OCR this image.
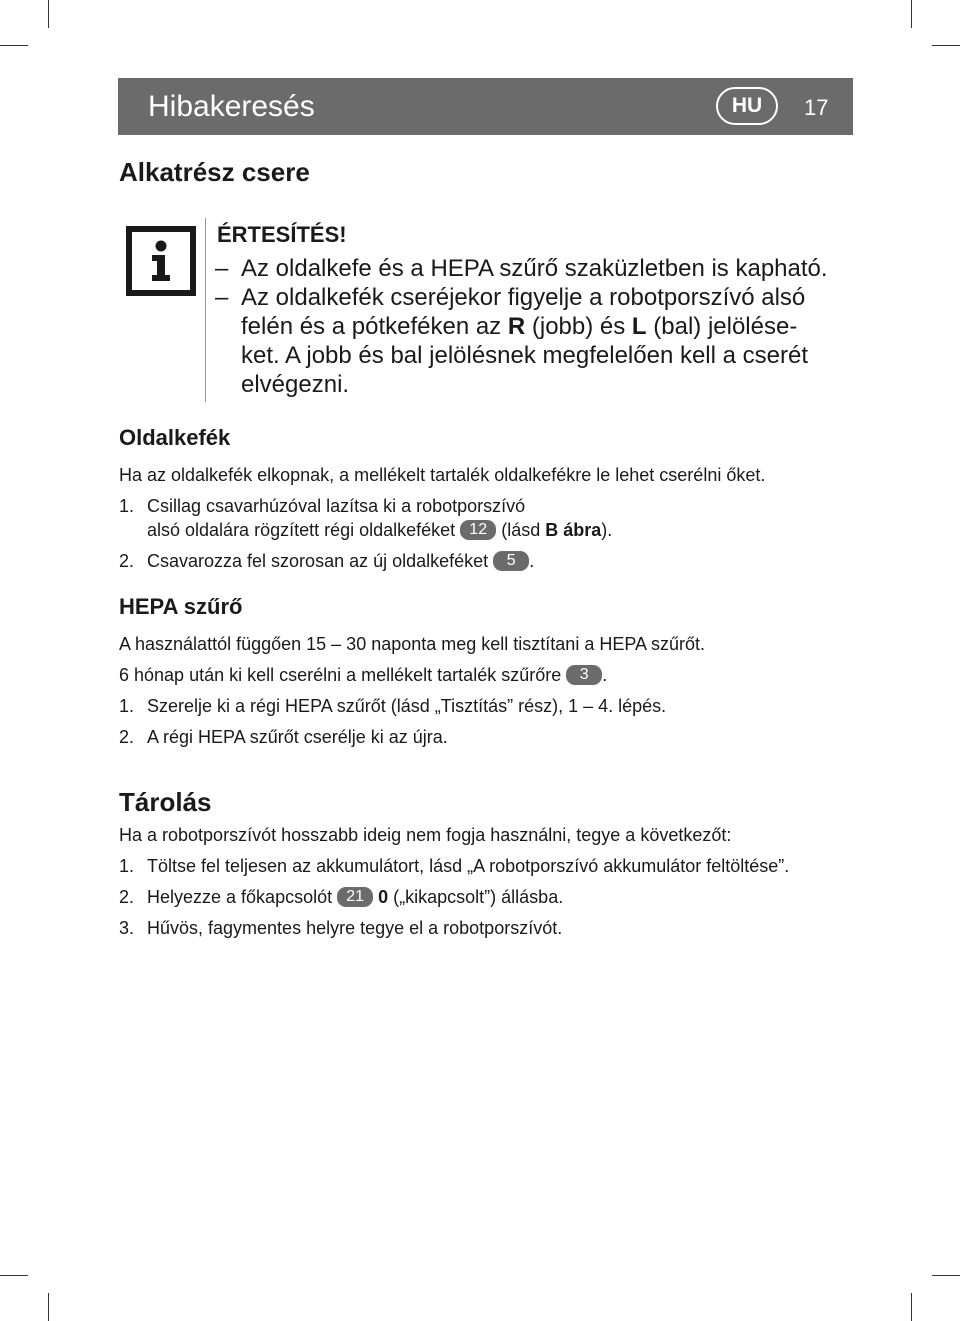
Hibakeresés	HU	17
Alkatrész csere
ÉRTESÍTÉS!
– Az oldalkefe és a HEPA szűrő szaküzletben is kapható.
– Az oldalkefék cseréjekor figyelje a robotporszívó alsó
felén és a pótkeféken az R (jobb) és L (bal) jelölése-
ket. A jobb és bal jelölésnek megfelelően kell a cserét
elvégezni.
Oldalkefék
Ha az oldalkefék elkopnak, a mellékelt tartalék oldalkefékre le lehet cserélni őket.
1. Csillag csavarhúzóval lazítsa ki a robotporszívó
alsó oldalára rögzített régi oldalkeféket 12 (lásd B ábra).
2. Csavarozza fel szorosan az új oldalkeféket 5 .
HEPA szűrő
A használattól függően 15 – 30 naponta meg kell tisztítani a HEPA szűrőt.
6 hónap után ki kell cserélni a mellékelt tartalék szűrőre 3 .
1. Szerelje ki a régi HEPA szűrőt (lásd „Tisztítás” rész), 1 – 4. lépés.
2. A régi HEPA szűrőt cserélje ki az újra.
Tárolás
Ha a robotporszívót hosszabb ideig nem fogja használni, tegye a következőt:
1. Töltse fel teljesen az akkumulátort, lásd „A robotporszívó akkumulátor feltöltése”.
2. Helyezze a főkapcsolót 21 0 („kikapcsolt”) állásba.
3. Hűvös, fagymentes helyre tegye el a robotporszívót.
